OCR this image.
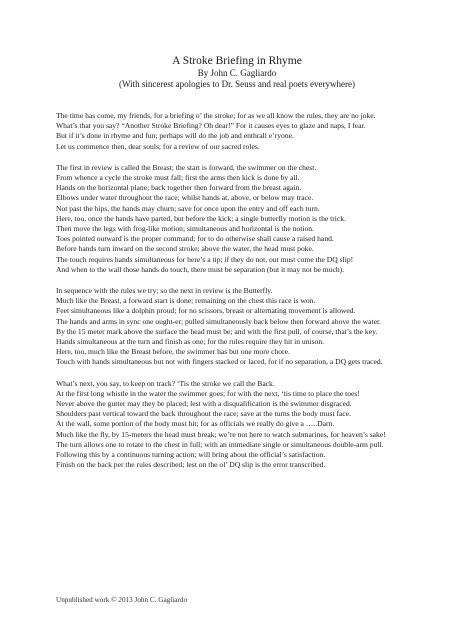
A Stroke Briefing in Rhyme
By John C. Gagliardo
(With sincerest apologies to Dr. Seuss and real poets everywhere)

The time has come, my friends, for a briefing o’ the stroke; for as we all know the rules, they are no joke.

What’s that you say? “Another Stroke Briefing? Oh dear!” For it causes eyes to glaze and naps, I fear.

But if it’s done in rhyme and fun; perhaps will do the job and enthrall e’ryone.

Let us commence then, dear souls; for a review of our sacred roles.

The first in review is called the Breast; the start is forward, the swimmer on the chest.

From whence a cycle the stroke must fall; first the arms then kick is done by all.

Hands on the horizontal plane; back together then forward from the breast again.

Elbows under water throughout the race; whilst hands at, above, or below may trace.

Not past the hips, the hands may churn; save for once upon the entry and off each turn.

Here, too, once the hands have parted, but before the kick; a single butterfly motion is the trick.

Then move the legs with frog-like motion; simultaneous and horizontal is the notion.

Toes pointed outward is the proper command; for to do otherwise shall cause a raised hand.

Before hands turn inward on the second stroke; above the water, the head must poke.

The touch requires hands simultaneous for here’s a tip; if they do not, out must come the DQ slip!

And when to the wall those hands do touch, there must be separation (but it may not be much).

In sequence with the rules we try; so the next in review is the Butterfly.

Much like the Breast, a forward start is done; remaining on the chest this race is won.

Feet simultaneous like a dolphin proud; for no scissors, breast or alternating movement is allowed.

The hands and arms in sync one ought-er; pulled simultaneously back below then forward above the water.

By the 15 meter mark above the surface the head must be; and with the first pull, of course, that’s the key.

Hands simultaneous at the turn and finish as one; for the rules require they hit in unison.

Here, too, much like the Breast before, the swimmer has but one more chore.

Touch with hands simultaneous but not with fingers stacked or laced, for if no separation, a DQ gets traced.

What’s next, you say, to keep on track? ‘Tis the stroke we call the Back.

At the first long whistle in the water the swimmer goes; for with the next, ‘tis time to place the toes!

Never above the gutter may they be placed; lest with a disqualification is the swimmer disgraced.

Shoulders past vertical toward the back throughout the race; save at the turns the body must face.

At the wall, some portion of the body must hit; for as officials we really do give a …..Darn.

Much like the fly, by 15-meters the head must break; we’re not here to watch submarines, for heaven’s sake!

The turn allows one to rotate to the chest in full; with an immediate single or simultaneous double-arm pull.

Following this by a continuous turning action; will bring about the official’s satisfaction.

Finish on the back per the rules described; lest on the ol’ DQ slip is the error transcribed.

Unpublished work © 2013 John C. Gagliardo
